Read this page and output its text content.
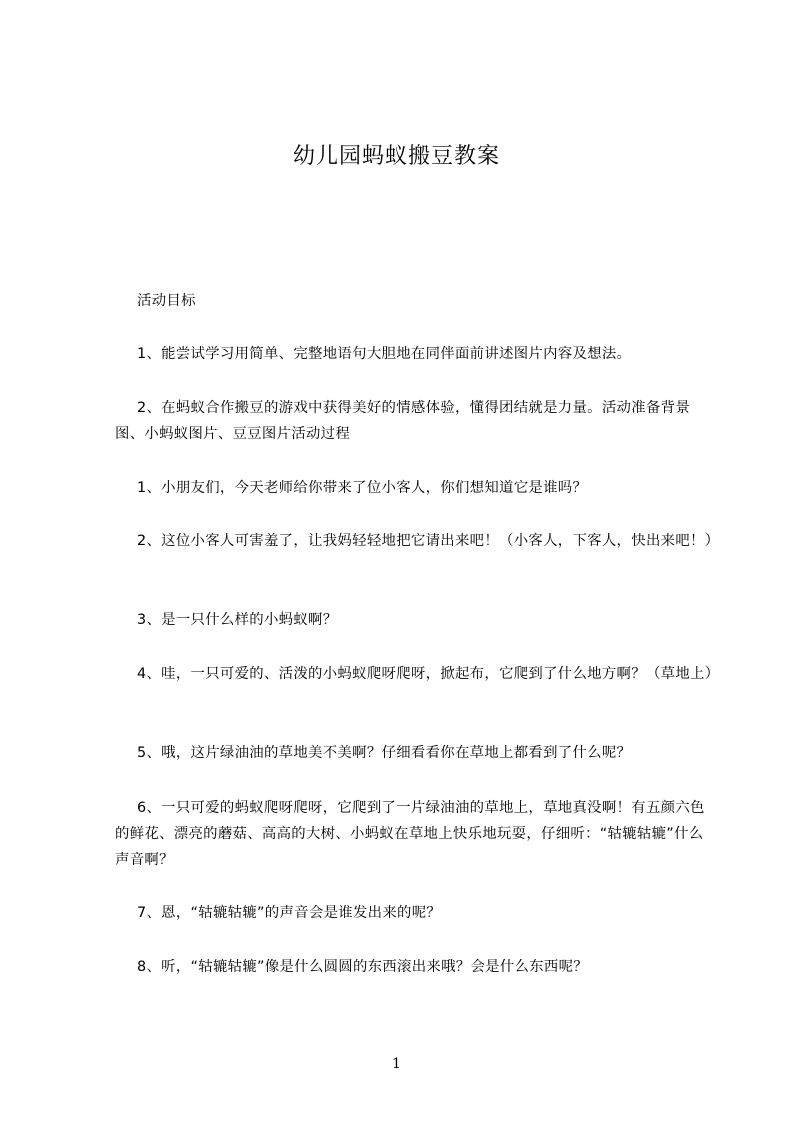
幼儿园蚂蚁搬豆教案
活动目标
1、能尝试学习用简单、完整地语句大胆地在同伴面前讲述图片内容及想法。
2、在蚂蚁合作搬豆的游戏中获得美好的情感体验，懂得团结就是力量。活动准备背景图、小蚂蚁图片、豆豆图片活动过程
1、小朋友们，今天老师给你带来了位小客人，你们想知道它是谁吗？
2、这位小客人可害羞了，让我妈轻轻地把它请出来吧！（小客人，下客人，快出来吧！）
3、是一只什么样的小蚂蚁啊？
4、哇，一只可爱的、活泼的小蚂蚁爬呀爬呀，掀起布，它爬到了什么地方啊？（草地上）
5、哦，这片绿油油的草地美不美啊？仔细看看你在草地上都看到了什么呢？
6、一只可爱的蚂蚁爬呀爬呀，它爬到了一片绿油油的草地上，草地真没啊！有五颜六色的鲜花、漂亮的蘑菇、高高的大树、小蚂蚁在草地上快乐地玩耍，仔细听：“轱辘轱辘”什么声音啊？
7、恩，“轱辘轱辘”的声音会是谁发出来的呢？
8、听，“轱辘轱辘”像是什么圆圆的东西滚出来哦？会是什么东西呢？
1
